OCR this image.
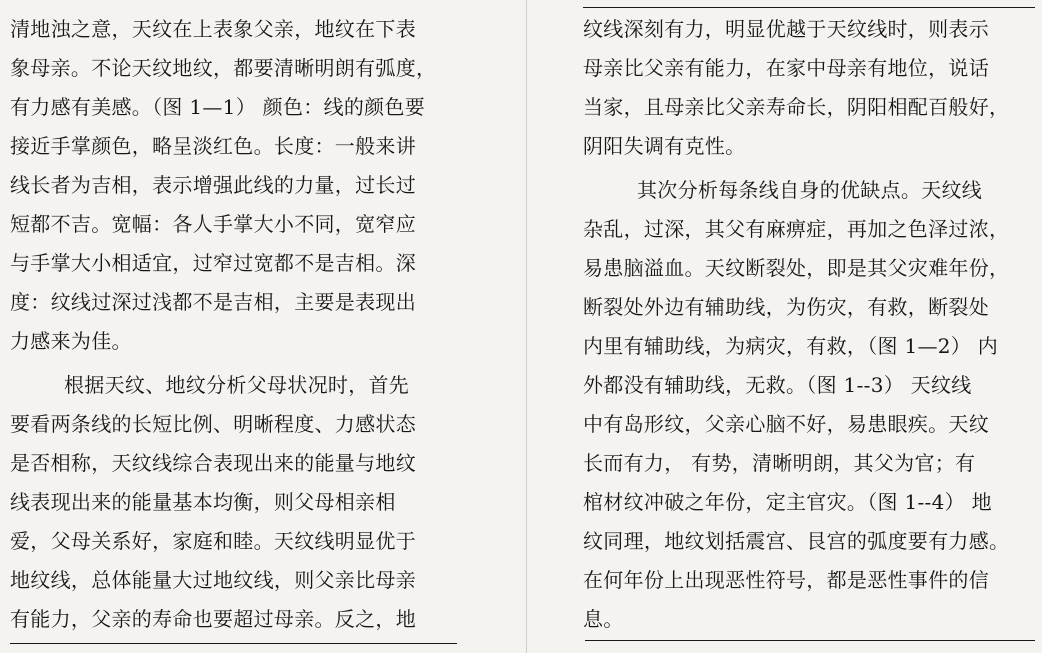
清地浊之意，天纹在上表象父亲，地纹在下表
象母亲。不论天纹地纹，都要清晰明朗有弧度，
有力感有美感。（图 1—1） 颜色：线的颜色要
接近手掌颜色，略呈淡红色。长度：一般来讲
线长者为吉相，表示增强此线的力量，过长过
短都不吉。宽幅：各人手掌大小不同，宽窄应
与手掌大小相适宜，过窄过宽都不是吉相。深
度：纹线过深过浅都不是吉相，主要是表现出
力感来为佳。
根据天纹、地纹分析父母状况时，首先
要看两条线的长短比例、明晰程度、力感状态
是否相称，天纹线综合表现出来的能量与地纹
线表现出来的能量基本均衡，则父母相亲相
爱，父母关系好，家庭和睦。天纹线明显优于
地纹线，总体能量大过地纹线，则父亲比母亲
有能力，父亲的寿命也要超过母亲。反之，地
纹线深刻有力，明显优越于天纹线时，则表示
母亲比父亲有能力，在家中母亲有地位，说话
当家，且母亲比父亲寿命长，阴阳相配百般好，
阴阳失调有克性。
其次分析每条线自身的优缺点。天纹线
杂乱，过深，其父有麻痹症，再加之色泽过浓，
易患脑溢血。天纹断裂处，即是其父灾难年份，
断裂处外边有辅助线，为伤灾，有救，断裂处
内里有辅助线，为病灾，有救，（图 1—2） 内
外都没有辅助线，无救。（图 1--3） 天纹线
中有岛形纹，父亲心脑不好，易患眼疾。天纹
长而有力， 有势，清晰明朗，其父为官；有
棺材纹冲破之年份，定主官灾。（图 1--4） 地
纹同理，地纹划括震宫、艮宫的弧度要有力感。
在何年份上出现恶性符号，都是恶性事件的信
息。
